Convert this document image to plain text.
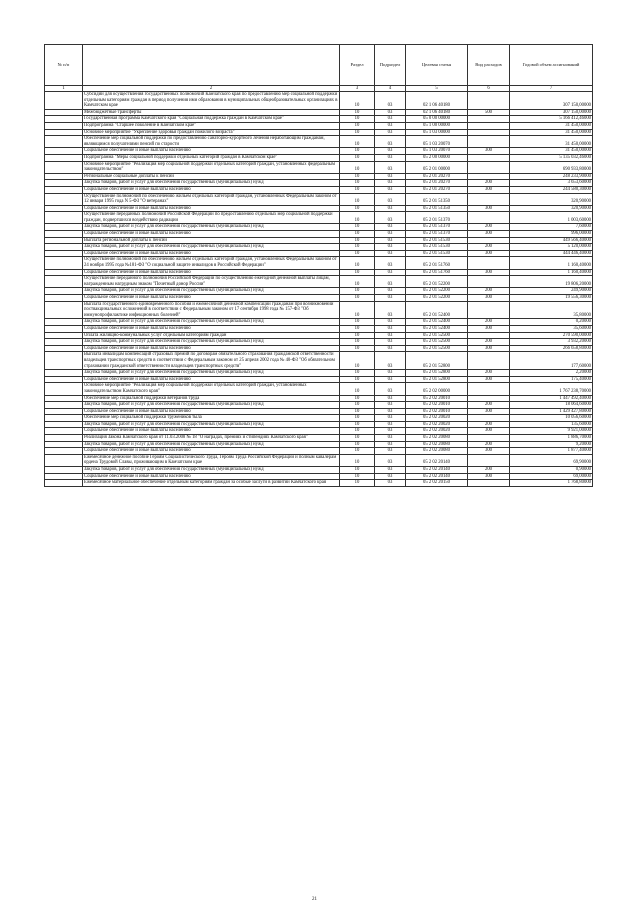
№ п/п		Раздел	Подраздел	Целевая статья	Вид расходов	Годовой объем ассигнований
1	2	3	4	5	6	7
	Субсидии для осуществления государственных полномочий Камчатского края по предоставлению мер социальной поддержки отдельным категориям граждан в период получения ими образования в муниципальных общеобразовательных организациях в Камчатском крае	10	03	02 1 06 40180		307 150,00000
	Межбюджетные трансферты	10	03	02 1 06 40180	500	307 150,00000
	Государственная программа Камчатского края "Социальная поддержка граждан в Камчатском крае"	10	03	05 0 00 00000		5 166 412,46000
	Подпрограмма "Старшее поколение в Камчатском крае"	10	03	05 1 00 00000		31 450,00000
	Основное мероприятие "Укрепление здоровья граждан пожилого возраста"	10	03	05 1 03 00000		31 450,00000
	Обеспечение мер социальной поддержки по предоставлению санаторно-курортного лечения неработающим гражданам, являющимся получателями пенсий по старости	10	03	05 1 03 20070		31 450,00000
	Социальное обеспечение и иные выплаты населению	10	03	05 1 03 20070	300	31 450,00000
	Подпрограмма "Меры социальной поддержки отдельных категорий граждан в Камчатском крае"	10	03	05 2 00 00000		5 135 032,46000
	Основное мероприятие "Реализация мер социальной поддержки отдельных категорий граждан, установленных федеральным законодательством"	10	03	05 2 01 00000		690 933,80000
	Региональные социальные доплаты к пенсии	10	03	05 2 01 20270		248 233,90000
	Закупка товаров, работ и услуг для обеспечения государственных (муниципальных) нужд	10	03	05 2 01 20270	200	3 653,60000
	Социальное обеспечение и иные выплаты населению	10	03	05 2 01 20270	300	244 580,30000
	Осуществление полномочий по обеспечению жильем отдельных категорий граждан, установленных Федеральным законом от 12 января 1995 года N 5-ФЗ "О ветеранах"	10	03	05 2 01 51350		320,90000
	Социальное обеспечение и иные выплаты населению	10	03	05 2 01 51350	300	320,90000
	Осуществление переданных полномочий Российской Федерации по предоставлению отдельных мер социальной поддержки граждан, подвергшихся воздействию радиации	10	03	05 2 01 51370		1 003,60000
	Закупка товаров, работ и услуг для обеспечения государственных (муниципальных) нужд	10	03	05 2 01 51370	200	7,60000
	Социальное обеспечение и иные выплаты населению	10	03	05 2 01 51370	300	996,00000
	Выплата региональной доплаты к пенсии	10	03	05 2 01 51530		449 566,40000
	Закупка товаров, работ и услуг для обеспечения государственных (муниципальных) нужд	10	03	05 2 01 51530	200	5 120,00000
	Социальное обеспечение и иные выплаты населению	10	03	05 2 01 51530	300	444 446,40000
	Осуществление полномочий по обеспечению жильем отдельных категорий граждан, установленных Федеральным законом от 24 ноября 1995 года №181-ФЗ "О социальной защите инвалидов в Российской Федерации"	10	03	05 2 01 51760		1 160,40000
	Социальное обеспечение и иные выплаты населению	10	03	05 2 01 51760	300	1 160,40000
	Осуществление переданного полномочия Российской Федерации по осуществлению ежегодной денежной выплаты лицам, награжденным нагрудным знаком "Почетный донор России"	10	03	05 2 01 52200		19 806,20000
	Закупка товаров, работ и услуг для обеспечения государственных (муниципальных) нужд	10	03	05 2 01 52200	200	249,90000
	Социальное обеспечение и иные выплаты населению	10	03	05 2 01 52200	300	19 556,30000
	Выплата государственного единовременного пособия и ежемесячной денежной компенсации гражданам при возникновении поствакцинальных осложнений в соответствии с Федеральным законом от 17 сентября 1998 года № 157-ФЗ "Об иммунопрофилактике инфекционных болезней"	10	03	05 2 01 52400		35,80000
	Закупка товаров, работ и услуг для обеспечения государственных (муниципальных) нужд	10	03	05 2 01 52400	200	0,20000
	Социальное обеспечение и иные выплаты населению	10	03	05 2 01 52400	300	35,60000
	Оплата жилищно-коммунальных услуг отдельным категориям граждан	10	03	05 2 01 52500		270 590,00000
	Закупка товаров, работ и услуг для обеспечения государственных (муниципальных) нужд	10	03	05 2 01 52500	200	3 932,20000
	Социальное обеспечение и иные выплаты населению	10	03	05 2 01 52500	300	266 658,80000
	Выплата инвалидам компенсаций страховых премий по договорам обязательного страхования гражданской ответственности владельцев транспортных средств в соответствии с Федеральным законом от 25 апреля 2002 года № 40-ФЗ "Об обязательном страховании гражданской ответственности владельцев транспортных средств"	10	03	05 2 01 52800		177,60000
	Закупка товаров, работ и услуг для обеспечения государственных (муниципальных) нужд	10	03	05 2 01 52800	200	2,20000
	Социальное обеспечение и иные выплаты населению	10	03	05 2 01 52800	300	175,40000
	Основное мероприятие "Реализация мер социальной поддержки отдельных категорий граждан, установленных законодательством Камчатского края"	10	03	05 2 02 00000		1 767 238,70000
	Обеспечение мер социальной поддержки ветеранов труда	10	03	05 2 02 20010		1 447 492,40000
	Закупка товаров, работ и услуг для обеспечения государственных (муниципальных) нужд	10	03	05 2 02 20010	200	18 064,60000
	Социальное обеспечение и иные выплаты населению	10	03	05 2 02 20010	300	1 429 427,80000
	Обеспечение мер социальной поддержки тружеников тыла	10	03	05 2 02 20020		10 056,60000
	Закупка товаров, работ и услуг для обеспечения государственных (муниципальных) нужд	10	03	05 2 02 20020	200	135,60000
	Социальное обеспечение и иные выплаты населению	10	03	05 2 02 20020	300	9 921,00000
	Реализация Закона Камчатского края от 11.03.2008 № 18 "О наградах, премиях и стипендиях Камчатского края"	10	03	05 2 02 20080		1 886,70000
	Закупка товаров, работ и услуг для обеспечения государственных (муниципальных) нужд	10	03	05 2 02 20080	200	9,20000
	Социальное обеспечение и иные выплаты населению	10	03	05 2 02 20080	300	1 877,40000
	Ежемесячное денежное пособие Героям Социалистического Труда, Героям Труда Российской Федерации и полным кавалерам ордена Трудовой Славы, проживающим в Камчатском крае	10	03	05 2 02 20140		69,90000
	Закупка товаров, работ и услуг для обеспечения государственных (муниципальных) нужд	10	03	05 2 02 20140	200	0,90000
	Социальное обеспечение и иные выплаты населению	10	03	05 2 02 20140	300	69,00000
	Ежемесячное материальное обеспечение отдельным категориям граждан за особые заслуги в развитии Камчатского края	10	03	05 2 02 20150		1 768,80000
21
